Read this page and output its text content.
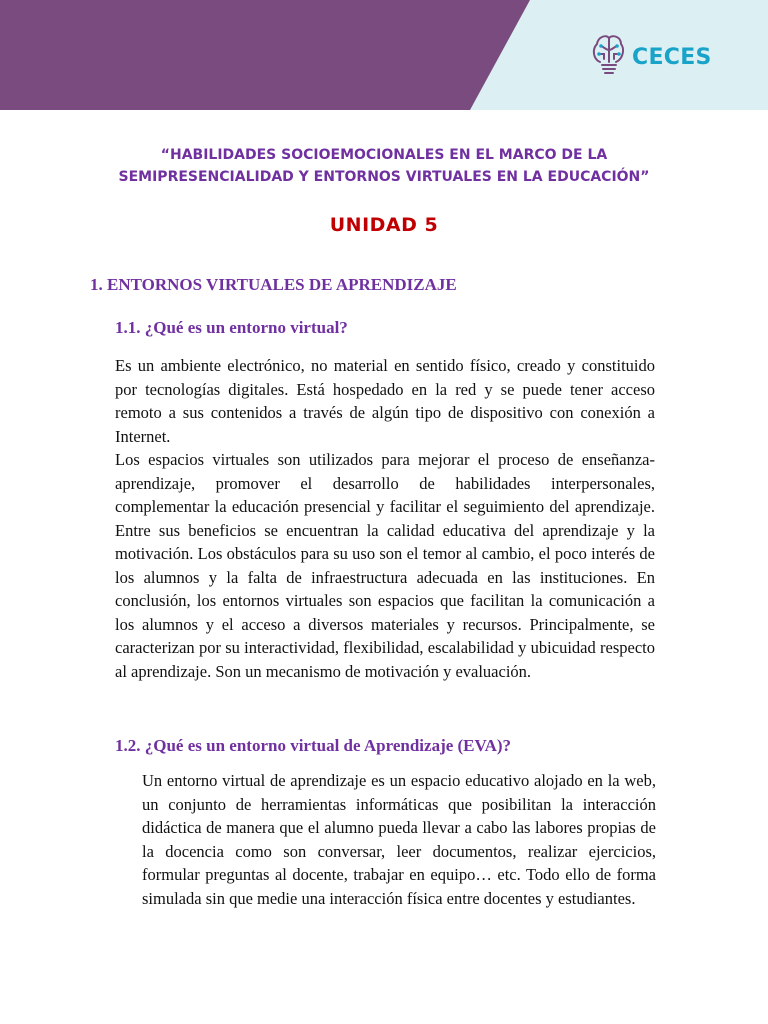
CECES
“HABILIDADES SOCIOEMOCIONALES EN EL MARCO DE LA
SEMIPRESENCIALIDAD Y ENTORNOS VIRTUALES EN LA EDUCACIÓN”
UNIDAD 5
1. ENTORNOS VIRTUALES DE APRENDIZAJE
1.1. ¿Qué es un entorno virtual?

Es un ambiente electrónico, no material en sentido físico, creado y constituido por tecnologías digitales. Está hospedado en la red y se puede tener acceso remoto a sus contenidos a través de algún tipo de dispositivo con conexión a Internet.

Los espacios virtuales son utilizados para mejorar el proceso de enseñanza-aprendizaje, promover el desarrollo de habilidades interpersonales, complementar la educación presencial y facilitar el seguimiento del aprendizaje. Entre sus beneficios se encuentran la calidad educativa del aprendizaje y la motivación. Los obstáculos para su uso son el temor al cambio, el poco interés de los alumnos y la falta de infraestructura adecuada en las instituciones. En conclusión, los entornos virtuales son espacios que facilitan la comunicación a los alumnos y el acceso a diversos materiales y recursos. Principalmente, se caracterizan por su interactividad, flexibilidad, escalabilidad y ubicuidad respecto al aprendizaje. Son un mecanismo de motivación y evaluación.

1.2. ¿Qué es un entorno virtual de Aprendizaje (EVA)?

Un entorno virtual de aprendizaje es un espacio educativo alojado en la web, un conjunto de herramientas informáticas que posibilitan la interacción didáctica de manera que el alumno pueda llevar a cabo las labores propias de la docencia como son conversar, leer documentos, realizar ejercicios, formular preguntas al docente, trabajar en equipo… etc. Todo ello de forma simulada sin que medie una interacción física entre docentes y estudiantes.
